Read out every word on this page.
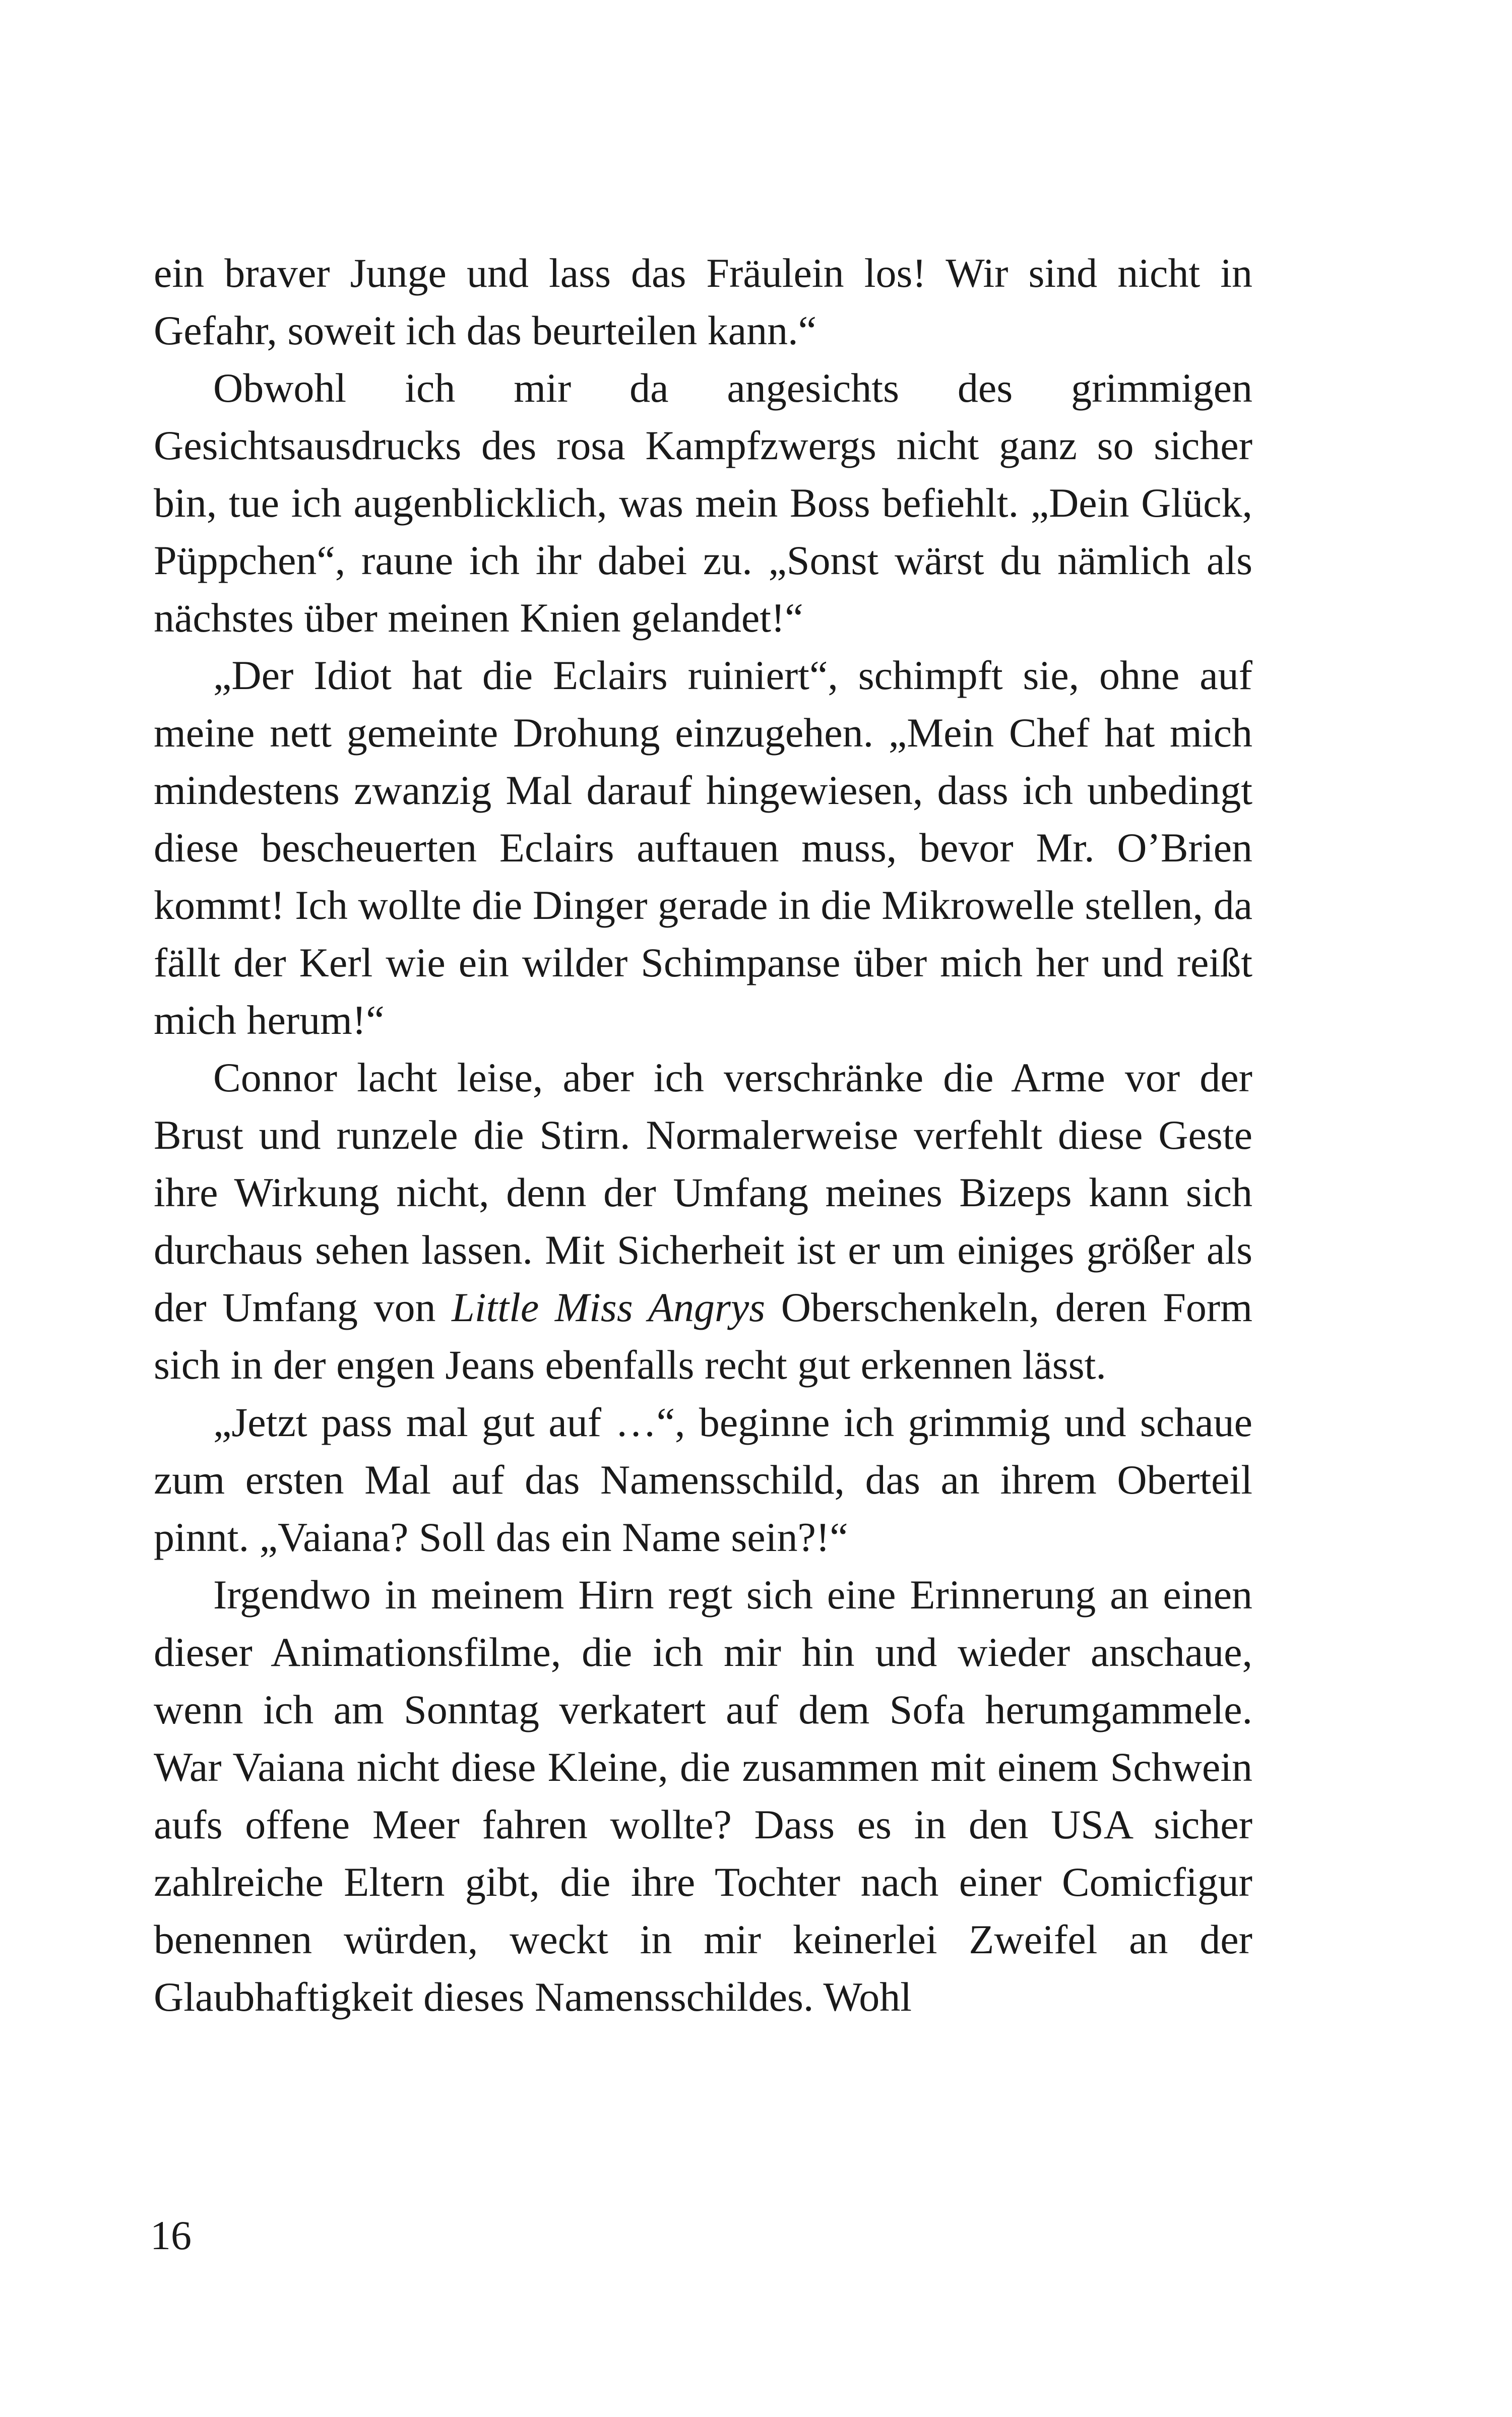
ein braver Junge und lass das Fräulein los! Wir sind nicht in Gefahr, soweit ich das beurteilen kann.“

Obwohl ich mir da angesichts des grimmigen Gesichtsausdrucks des rosa Kampfzwergs nicht ganz so sicher bin, tue ich augenblicklich, was mein Boss befiehlt. „Dein Glück, Püppchen“, raune ich ihr dabei zu. „Sonst wärst du nämlich als nächstes über meinen Knien gelandet!“

„Der Idiot hat die Eclairs ruiniert“, schimpft sie, ohne auf meine nett gemeinte Drohung einzugehen. „Mein Chef hat mich mindestens zwanzig Mal darauf hingewiesen, dass ich unbedingt diese bescheuerten Eclairs auftauen muss, bevor Mr. O’Brien kommt! Ich wollte die Dinger gerade in die Mikrowelle stellen, da fällt der Kerl wie ein wilder Schimpanse über mich her und reißt mich herum!“

Connor lacht leise, aber ich verschränke die Arme vor der Brust und runzele die Stirn. Normalerweise verfehlt diese Geste ihre Wirkung nicht, denn der Umfang meines Bizeps kann sich durchaus sehen lassen. Mit Sicherheit ist er um einiges größer als der Umfang von Little Miss Angrys Oberschenkeln, deren Form sich in der engen Jeans ebenfalls recht gut erkennen lässt.

„Jetzt pass mal gut auf …“, beginne ich grimmig und schaue zum ersten Mal auf das Namensschild, das an ihrem Oberteil pinnt. „Vaiana? Soll das ein Name sein?!“

Irgendwo in meinem Hirn regt sich eine Erinnerung an einen dieser Animationsfilme, die ich mir hin und wieder anschaue, wenn ich am Sonntag verkatert auf dem Sofa herumgammele. War Vaiana nicht diese Kleine, die zusammen mit einem Schwein aufs offene Meer fahren wollte? Dass es in den USA sicher zahlreiche Eltern gibt, die ihre Tochter nach einer Comicfigur benennen würden, weckt in mir keinerlei Zweifel an der Glaubhaftigkeit dieses Namensschildes. Wohl

16
